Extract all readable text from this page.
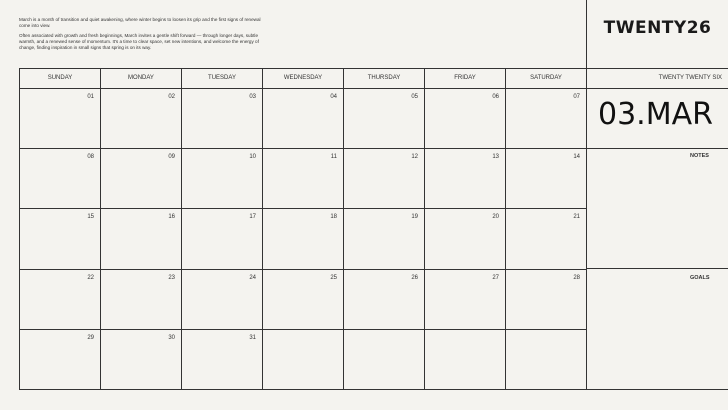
March is a month of transition and quiet awakening, where winter begins to loosen its grip and the first signs of renewal come into view.

Often associated with growth and fresh beginnings, March invites a gentle shift forward — through longer days, subtle warmth, and a renewed sense of momentum. It's a time to clear space, set new intentions, and welcome the energy of change, finding inspiration in small signs that spring is on its way.

TWENTY26
SUNDAY	MONDAY	TUESDAY	WEDNESDAY	THURSDAY	FRIDAY	SATURDAY
01	02	03	04	05	06	07
08	09	10	11	12	13	14
15	16	17	18	19	20	21
22	23	24	25	26	27	28
29	30	31
TWENTY TWENTY SIX
03.MAR
NOTES
GOALS
